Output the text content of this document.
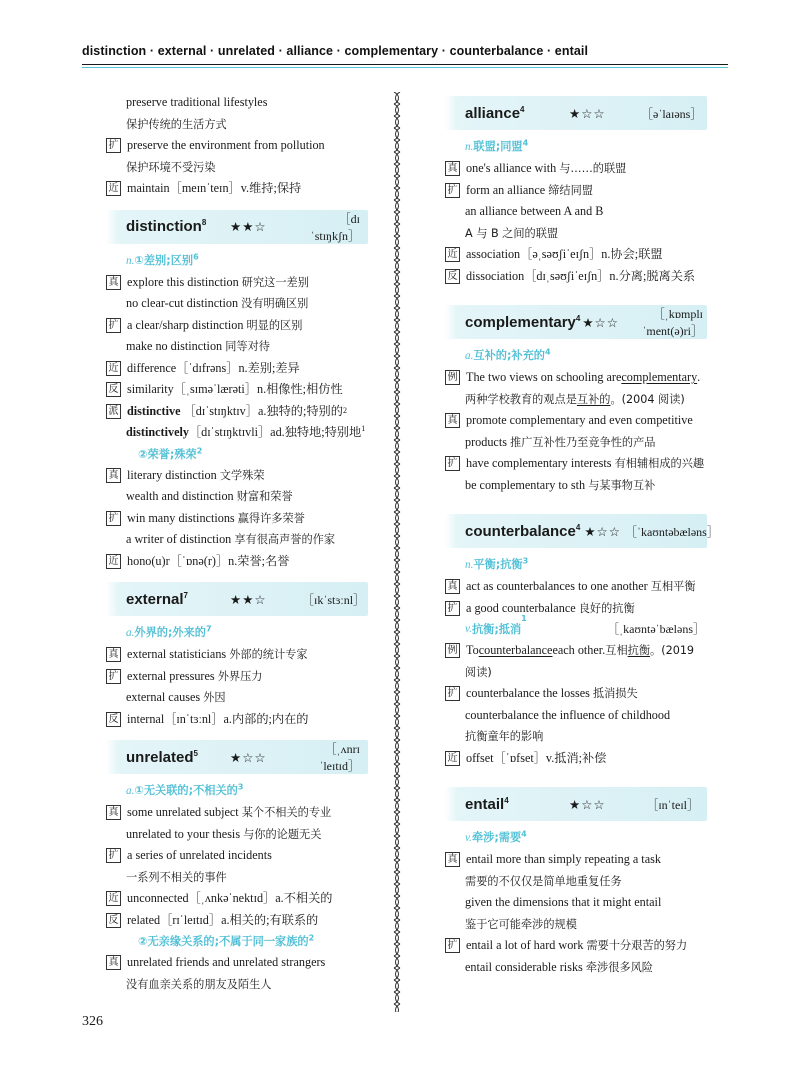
distinction · external · unrelated · alliance · complementary · counterbalance · entail
preserve traditional lifestyles
保护传统的生活方式
扩 preserve the environment from pollution
保护环境不受污染
近 maintain［meɪnˈteɪn］v.维持;保持
distinction$^8$	★★☆
［dɪˈstɪŋkʃn］
n.①差别;区别$^6$
真 explore this distinction
研究这一差别
no clear-cut distinction 没有明确区别
扩 a clear/sharp distinction
明显的区别
make no distinction 同等对待
近 difference［ˈdɪfrəns］n.差别;差异
反 similarity［ˌsɪməˈlærəti］n.相像性;相仿性
派 distinctive
［dɪˈstɪŋktɪv］a.独特的;特别的 2
distinctively［dɪˈstɪŋktɪvli］ad.独特地;特别地$^1$
②荣誉;殊荣$^2$
真 literary distinction
文学殊荣
wealth and distinction 财富和荣誉
扩 win many distinctions
赢得许多荣誉
a writer of distinction 享有很高声誉的作家
近 hono(u)r［ˈɒnə(r)］n.荣誉;名誉
external$^7$	★★☆	［ɪkˈstɜːnl］
a.外界的;外来的$^7$
真 external statisticians
外部的统计专家
扩 external pressures
外界压力
external causes 外因
反 internal［ɪnˈtɜːnl］a.内部的;内在的
unrelated$^5$	★☆☆
［ˌʌnrɪˈleɪtɪd］
a.①无关联的;不相关的$^3$
真 some unrelated subject
某个不相关的专业
unrelated to your thesis 与你的论题无关
扩 a series of unrelated incidents
一系列不相关的事件
近 unconnected［ˌʌnkəˈnektɪd］a.不相关的
反 related［rɪˈleɪtɪd］a.相关的;有联系的
②无亲缘关系的;不属于同一家族的$^2$
真 unrelated friends and unrelated strangers
没有血亲关系的朋友及陌生人
alliance$^4$	★☆☆	［əˈlaɪəns］
n.联盟;同盟$^4$
真 one's alliance with
与……的联盟
扩 form an alliance
缔结同盟
an alliance between A and B
A 与 B 之间的联盟
近 association［əˌsəʊʃiˈeɪʃn］n.协会;联盟
反 dissociation［dɪˌsəʊʃiˈeɪʃn］n.分离;脱离关系
complementary$^4$ ★☆☆
［ˌkɒmplɪˈment(ə)ri］
a.互补的;补充的$^4$
例 The two views on schooling are complementary .
两种学校教育的观点是互补的。(2004 阅读)
真 promote complementary and even competitive
products 推广互补性乃至竞争性的产品
扩 have complementary interests
有相辅相成的兴趣
be complementary to sth 与某事物互补
counterbalance$^4$ ★☆☆ ［ˈkaʊntəbæləns］
n.平衡;抗衡$^3$
真 act as counterbalances to one another
互相平衡
扩 a good counterbalance
良好的抗衡
v. 抗衡;抵消
1
［ˌkaʊntəˈbæləns］
例 To counterbalance each other. 互相 抗衡 。(2019
阅读)
扩 counterbalance the losses
抵消损失
counterbalance the influence of childhood
抗衡童年的影响
近 offset［ˈɒfset］v.抵消;补偿
entail$^4$	★☆☆	［ɪnˈteɪl］
v.牵涉;需要$^4$
真 entail more than simply repeating a task
需要的不仅仅是简单地重复任务
given the dimensions that it might entail
鉴于它可能牵涉的规模
扩 entail a lot of hard work
需要十分艰苦的努力
entail considerable risks 牵涉很多风险
326
